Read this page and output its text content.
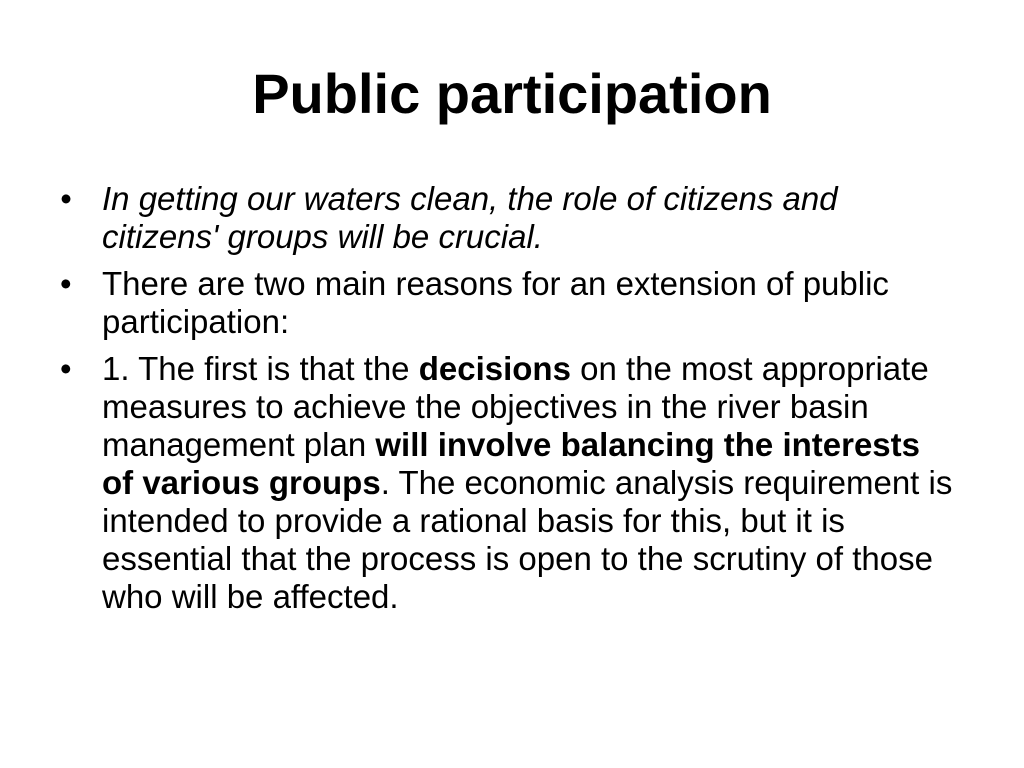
Public participation
• In getting our waters clean, the role of citizens and citizens' groups will be crucial.
• There are two main reasons for an extension of public participation:
• 1. The first is that the decisions on the most appropriate measures to achieve the objectives in the river basin management plan will involve balancing the interests of various groups. The economic analysis requirement is intended to provide a rational basis for this, but it is essential that the process is open to the scrutiny of those who will be affected.
